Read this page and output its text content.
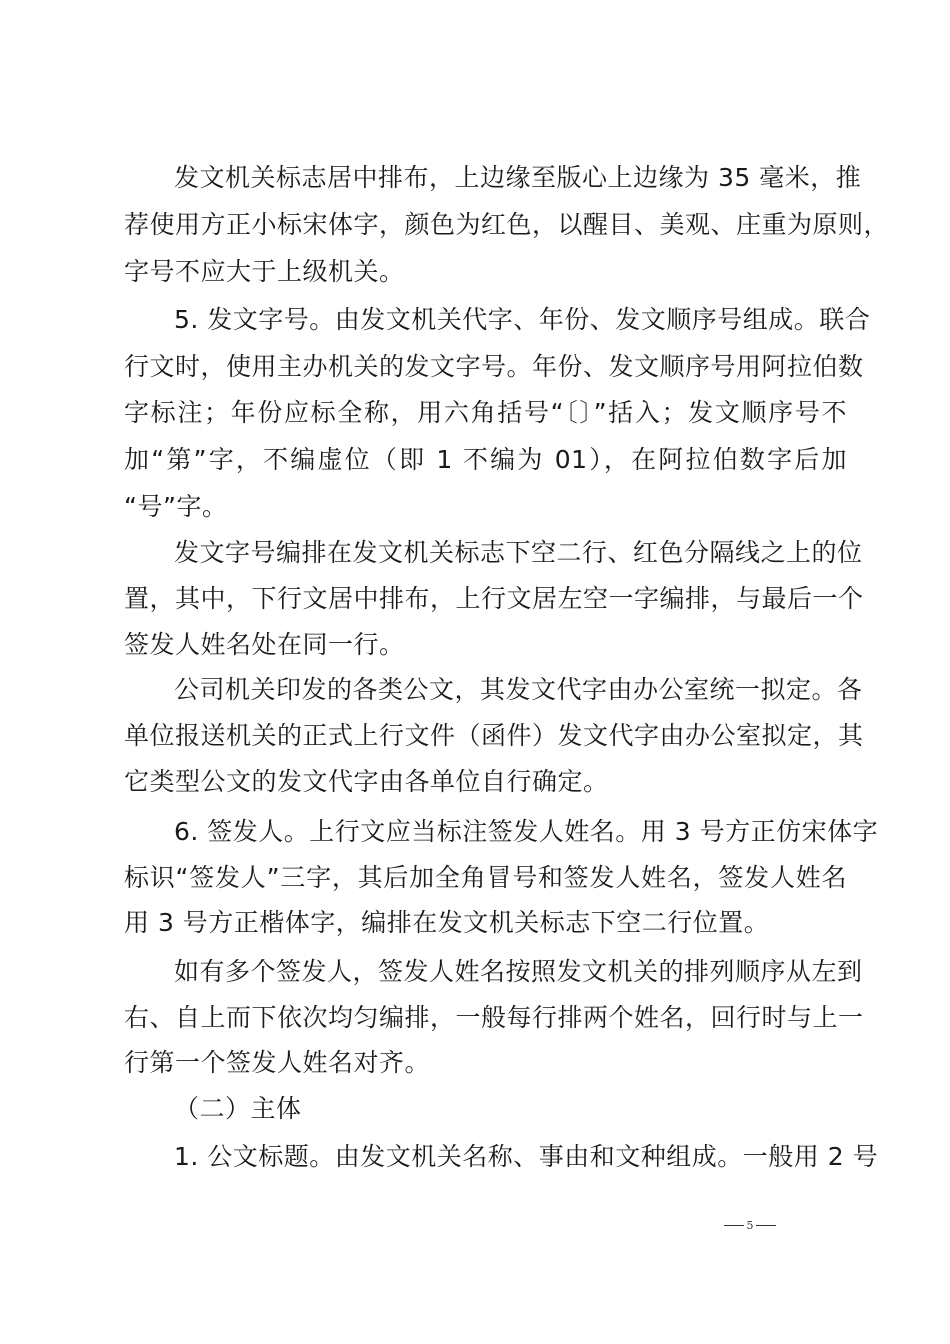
发文机关标志居中排布，上边缘至版心上边缘为 35 毫米，推
荐使用方正小标宋体字，颜色为红色，以醒目、美观、庄重为原则，
字号不应大于上级机关。
5. 发文字号。由发文机关代字、年份、发文顺序号组成。联合
行文时，使用主办机关的发文字号。年份、发文顺序号用阿拉伯数
字标注；年份应标全称，用六角括号“〔〕”括入；发文顺序号不
加“第”字，不编虚位（即 1 不编为 01），在阿拉伯数字后加
“号”字。
发文字号编排在发文机关标志下空二行、红色分隔线之上的位
置，其中，下行文居中排布，上行文居左空一字编排，与最后一个
签发人姓名处在同一行。
公司机关印发的各类公文，其发文代字由办公室统一拟定。各
单位报送机关的正式上行文件（函件）发文代字由办公室拟定，其
它类型公文的发文代字由各单位自行确定。
6. 签发人。上行文应当标注签发人姓名。用 3 号方正仿宋体字
标识“签发人”三字，其后加全角冒号和签发人姓名，签发人姓名
用 3 号方正楷体字，编排在发文机关标志下空二行位置。
如有多个签发人，签发人姓名按照发文机关的排列顺序从左到
右、自上而下依次均匀编排，一般每行排两个姓名，回行时与上一
行第一个签发人姓名对齐。
（二）主体
1. 公文标题。由发文机关名称、事由和文种组成。一般用 2 号
5
